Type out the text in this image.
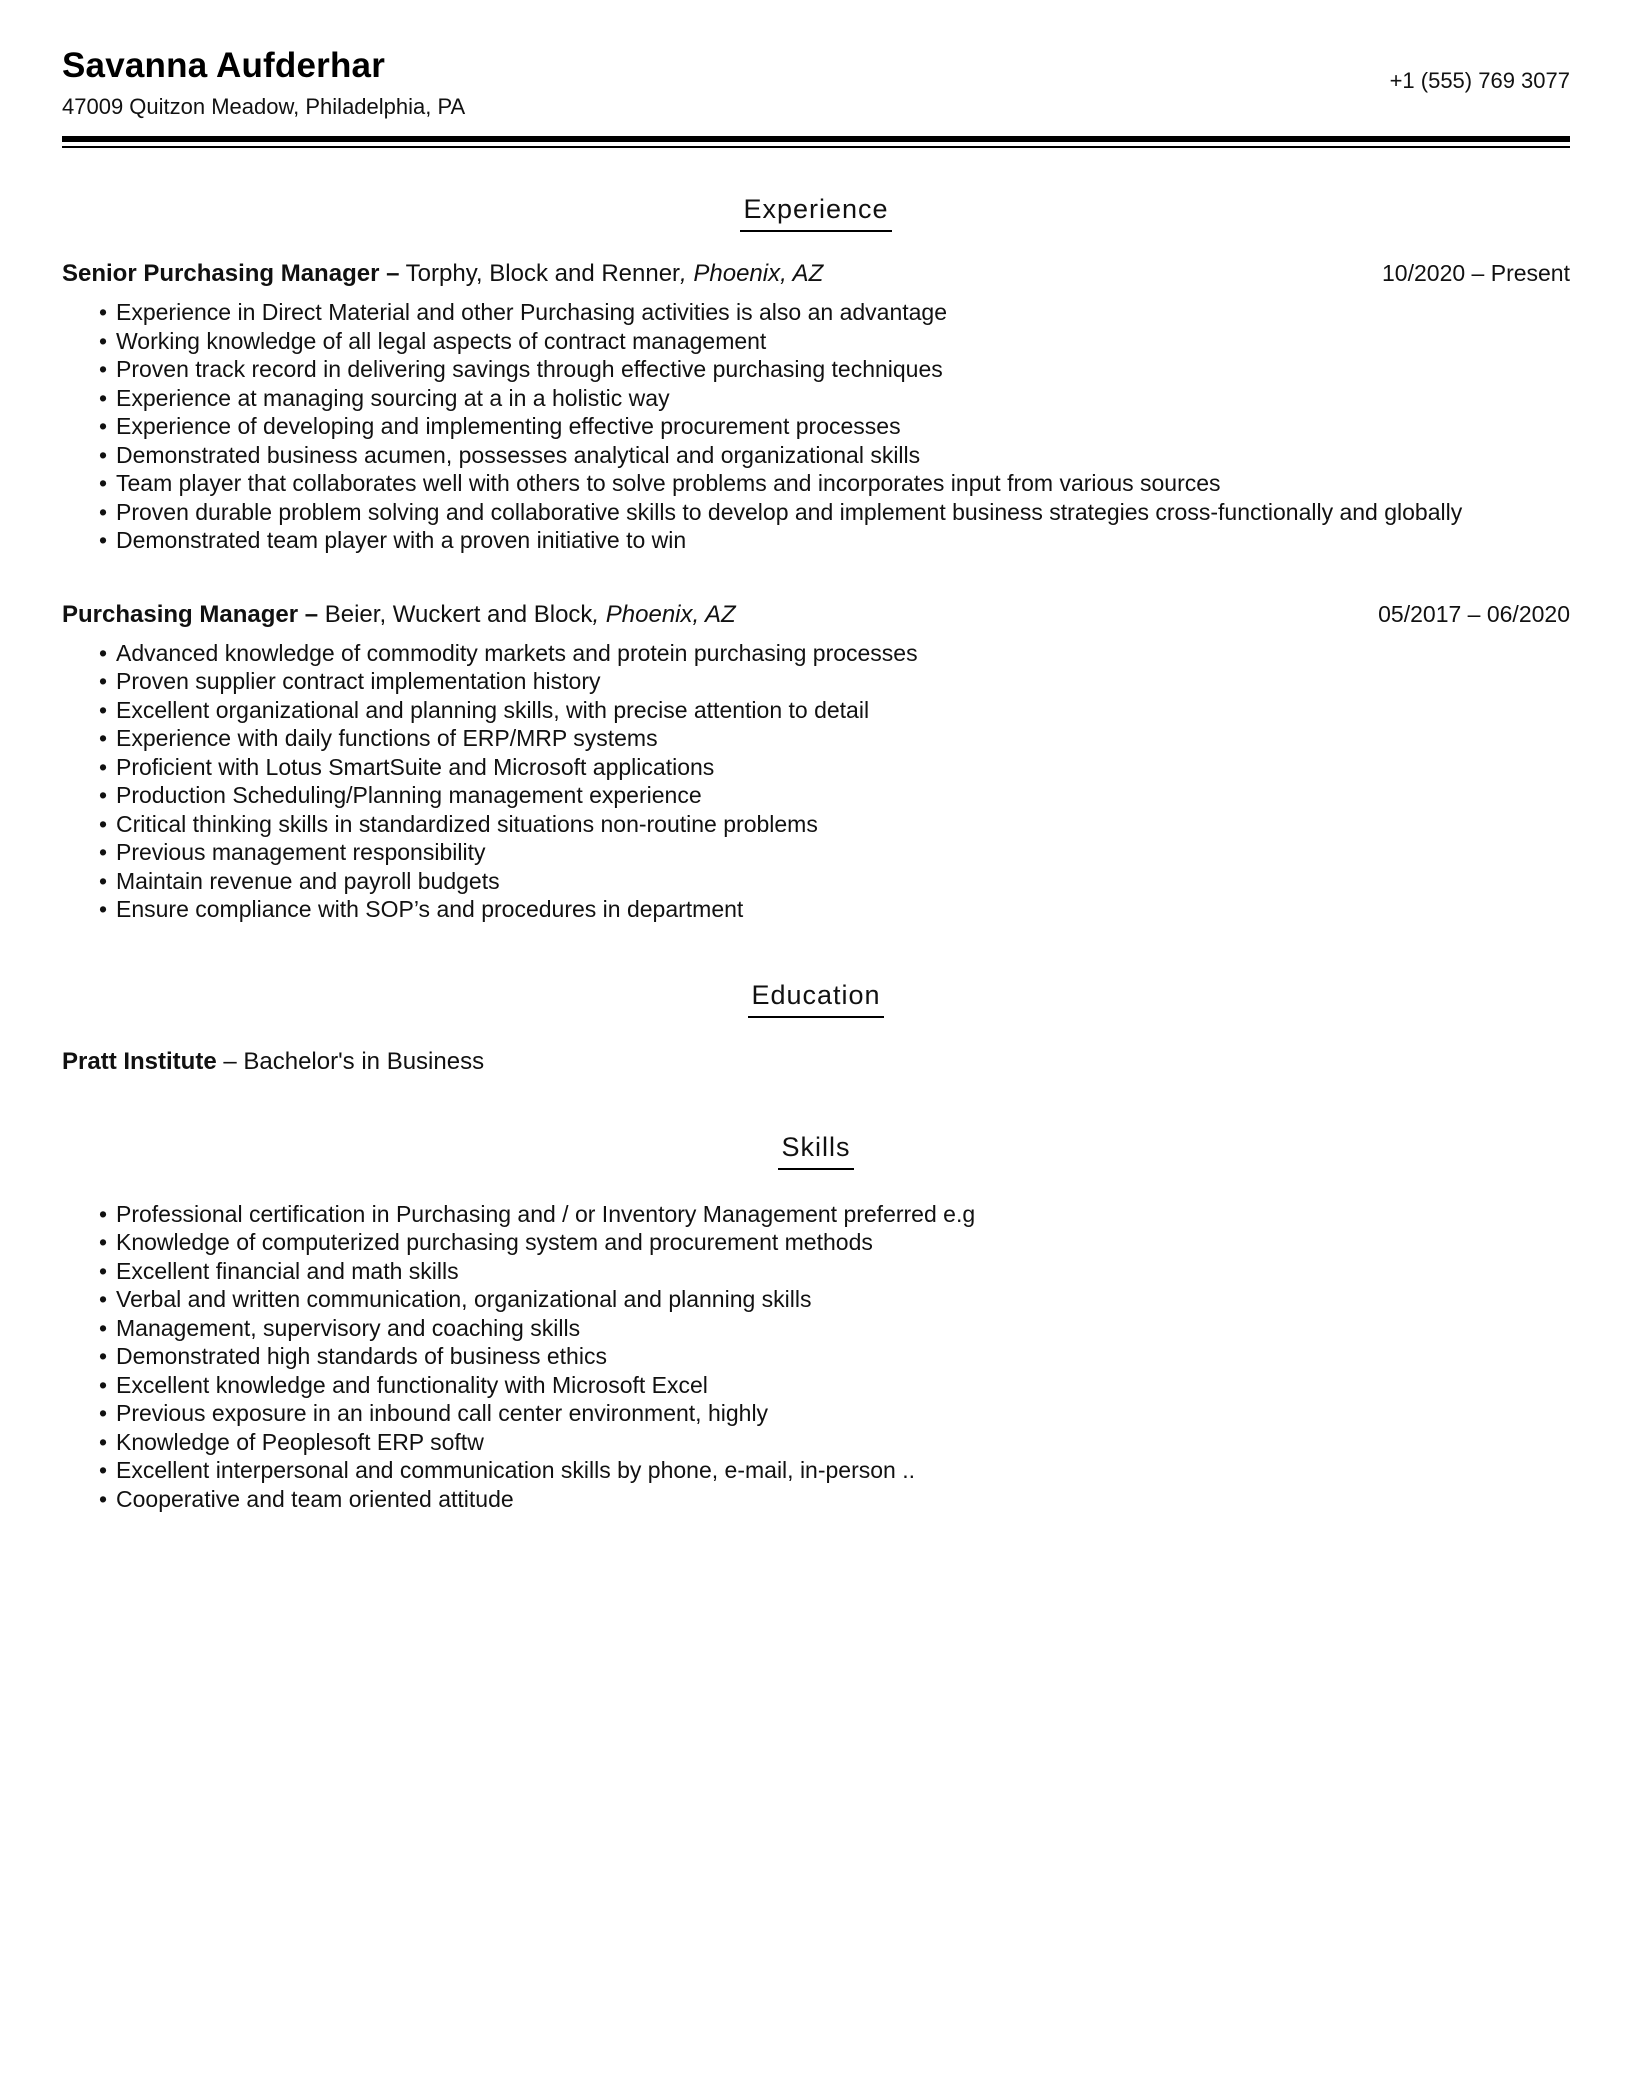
Savanna Aufderhar
47009 Quitzon Meadow, Philadelphia, PA
+1 (555) 769 3077
Experience
Senior Purchasing Manager – Torphy, Block and Renner, Phoenix, AZ	10/2020 – Present
• Experience in Direct Material and other Purchasing activities is also an advantage
• Working knowledge of all legal aspects of contract management
• Proven track record in delivering savings through effective purchasing techniques
• Experience at managing sourcing at a in a holistic way
• Experience of developing and implementing effective procurement processes
• Demonstrated business acumen, possesses analytical and organizational skills
• Team player that collaborates well with others to solve problems and incorporates input from various sources
• Proven durable problem solving and collaborative skills to develop and implement business strategies cross-functionally and globally
• Demonstrated team player with a proven initiative to win
Purchasing Manager – Beier, Wuckert and Block, Phoenix, AZ	05/2017 – 06/2020
• Advanced knowledge of commodity markets and protein purchasing processes
• Proven supplier contract implementation history
• Excellent organizational and planning skills, with precise attention to detail
• Experience with daily functions of ERP/MRP systems
• Proficient with Lotus SmartSuite and Microsoft applications
• Production Scheduling/Planning management experience
• Critical thinking skills in standardized situations non-routine problems
• Previous management responsibility
• Maintain revenue and payroll budgets
• Ensure compliance with SOP’s and procedures in department
Education
Pratt Institute – Bachelor's in Business
Skills
• Professional certification in Purchasing and / or Inventory Management preferred e.g
• Knowledge of computerized purchasing system and procurement methods
• Excellent financial and math skills
• Verbal and written communication, organizational and planning skills
• Management, supervisory and coaching skills
• Demonstrated high standards of business ethics
• Excellent knowledge and functionality with Microsoft Excel
• Previous exposure in an inbound call center environment, highly
• Knowledge of Peoplesoft ERP softw
• Excellent interpersonal and communication skills by phone, e-mail, in-person ..
• Cooperative and team oriented attitude
